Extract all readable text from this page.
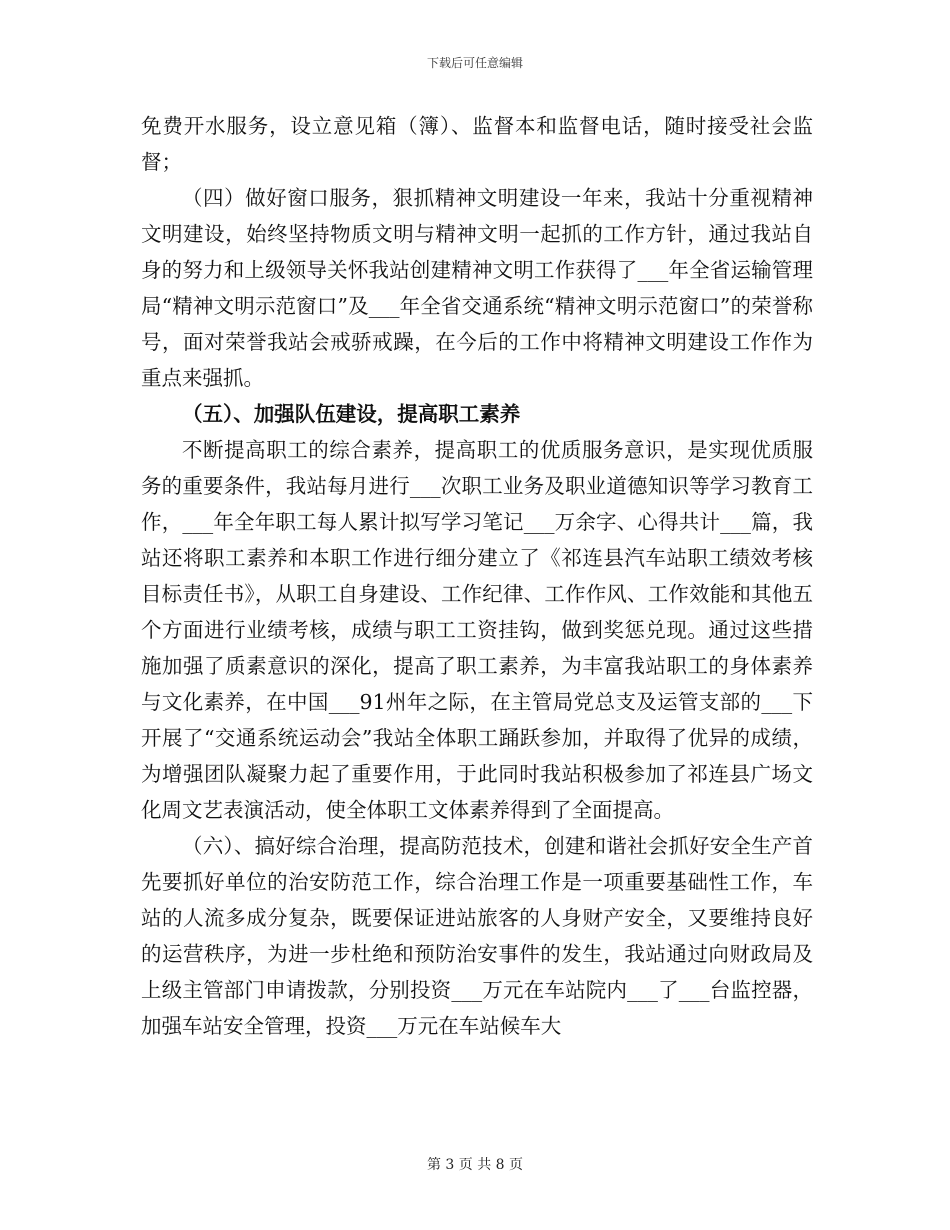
下载后可任意编辑

免费开水服务，设立意见箱（簿）、监督本和监督电话，随时接受社会监督；

（四）做好窗口服务，狠抓精神文明建设一年来，我站十分重视精神文明建设，始终坚持物质文明与精神文明一起抓的工作方针，通过我站自身的努力和上级领导关怀我站创建精神文明工作获得了___年全省运输管理局“精神文明示范窗口”及___年全省交通系统“精神文明示范窗口”的荣誉称号，面对荣誉我站会戒骄戒躁，在今后的工作中将精神文明建设工作作为重点来强抓。

（五）、加强队伍建设，提高职工素养

不断提高职工的综合素养，提高职工的优质服务意识，是实现优质服务的重要条件，我站每月进行___次职工业务及职业道德知识等学习教育工作，___年全年职工每人累计拟写学习笔记___万余字、心得共计___篇，我站还将职工素养和本职工作进行细分建立了《祁连县汽车站职工绩效考核目标责任书》，从职工自身建设、工作纪律、工作作风、工作效能和其他五个方面进行业绩考核，成绩与职工工资挂钩，做到奖惩兑现。通过这些措施加强了质素意识的深化，提高了职工素养，为丰富我站职工的身体素养与文化素养，在中国___91州年之际，在主管局党总支及运管支部的___下开展了“交通系统运动会”我站全体职工踊跃参加，并取得了优异的成绩，为增强团队凝聚力起了重要作用，于此同时我站积极参加了祁连县广场文化周文艺表演活动，使全体职工文体素养得到了全面提高。

（六）、搞好综合治理，提高防范技术，创建和谐社会抓好安全生产首先要抓好单位的治安防范工作，综合治理工作是一项重要基础性工作，车站的人流多成分复杂，既要保证进站旅客的人身财产安全，又要维持良好的运营秩序，为进一步杜绝和预防治安事件的发生，我站通过向财政局及上级主管部门申请拨款，分别投资___万元在车站院内___了___台监控器，加强车站安全管理，投资___万元在车站候车大

第 3 页 共 8 页
